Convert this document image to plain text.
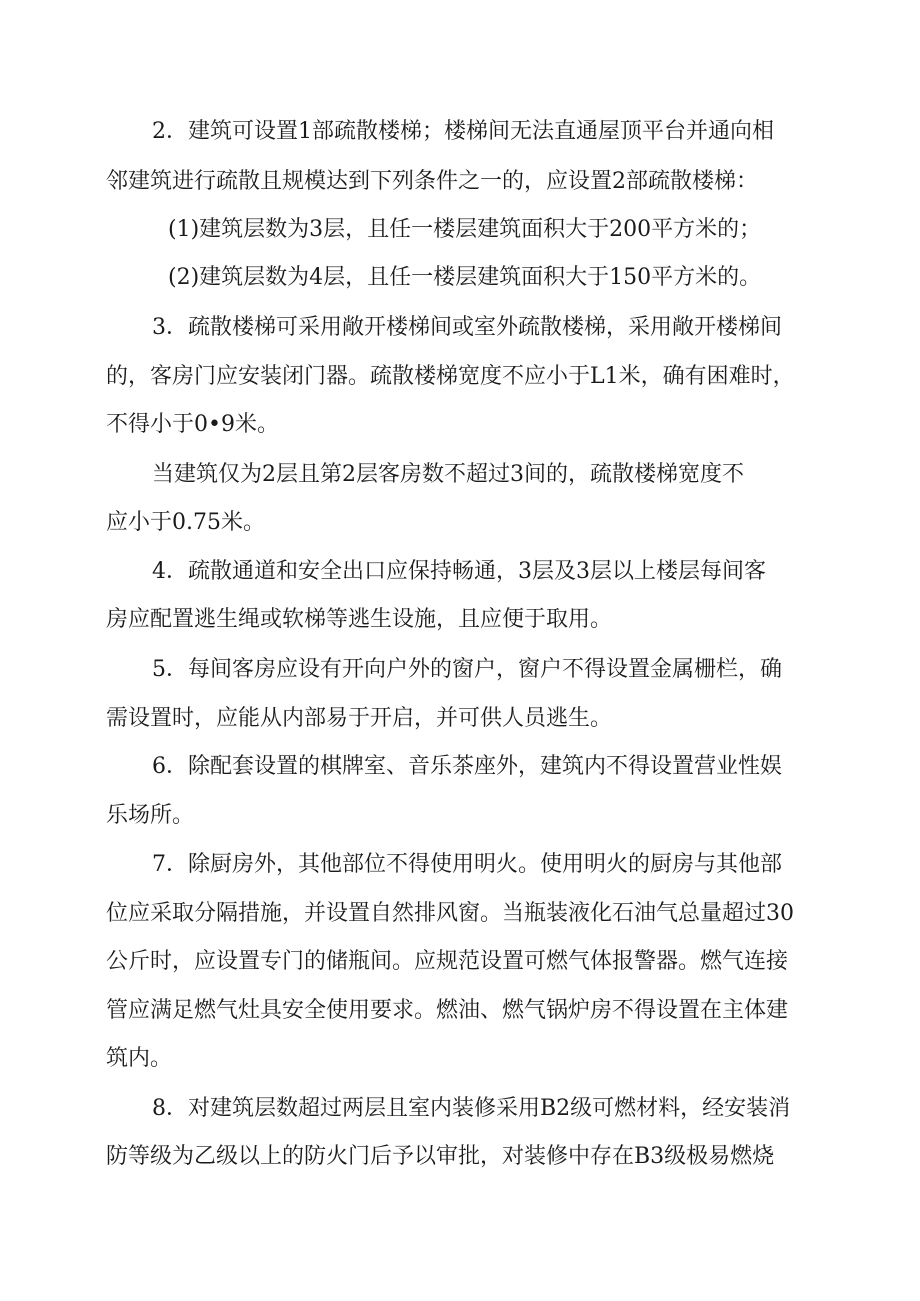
2．建筑可设置1部疏散楼梯；楼梯间无法直通屋顶平台并通向相
邻建筑进行疏散且规模达到下列条件之一的，应设置2部疏散楼梯：
(1)建筑层数为3层，且任一楼层建筑面积大于200平方米的；
(2)建筑层数为4层，且任一楼层建筑面积大于150平方米的。
3．疏散楼梯可采用敞开楼梯间或室外疏散楼梯，采用敞开楼梯间
的，客房门应安装闭门器。疏散楼梯宽度不应小于L1米，确有困难时，
不得小于0•9米。
当建筑仅为2层且第2层客房数不超过3间的，疏散楼梯宽度不
应小于0.75米。
4．疏散通道和安全出口应保持畅通，3层及3层以上楼层每间客
房应配置逃生绳或软梯等逃生设施，且应便于取用。
5．每间客房应设有开向户外的窗户，窗户不得设置金属栅栏，确
需设置时，应能从内部易于开启，并可供人员逃生。
6．除配套设置的棋牌室、音乐茶座外，建筑内不得设置营业性娱
乐场所。
7．除厨房外，其他部位不得使用明火。使用明火的厨房与其他部
位应采取分隔措施，并设置自然排风窗。当瓶装液化石油气总量超过30
公斤时，应设置专门的储瓶间。应规范设置可燃气体报警器。燃气连接
管应满足燃气灶具安全使用要求。燃油、燃气锅炉房不得设置在主体建
筑内。
8．对建筑层数超过两层且室内装修采用B2级可燃材料，经安装消
防等级为乙级以上的防火门后予以审批，对装修中存在B3级极易燃烧
